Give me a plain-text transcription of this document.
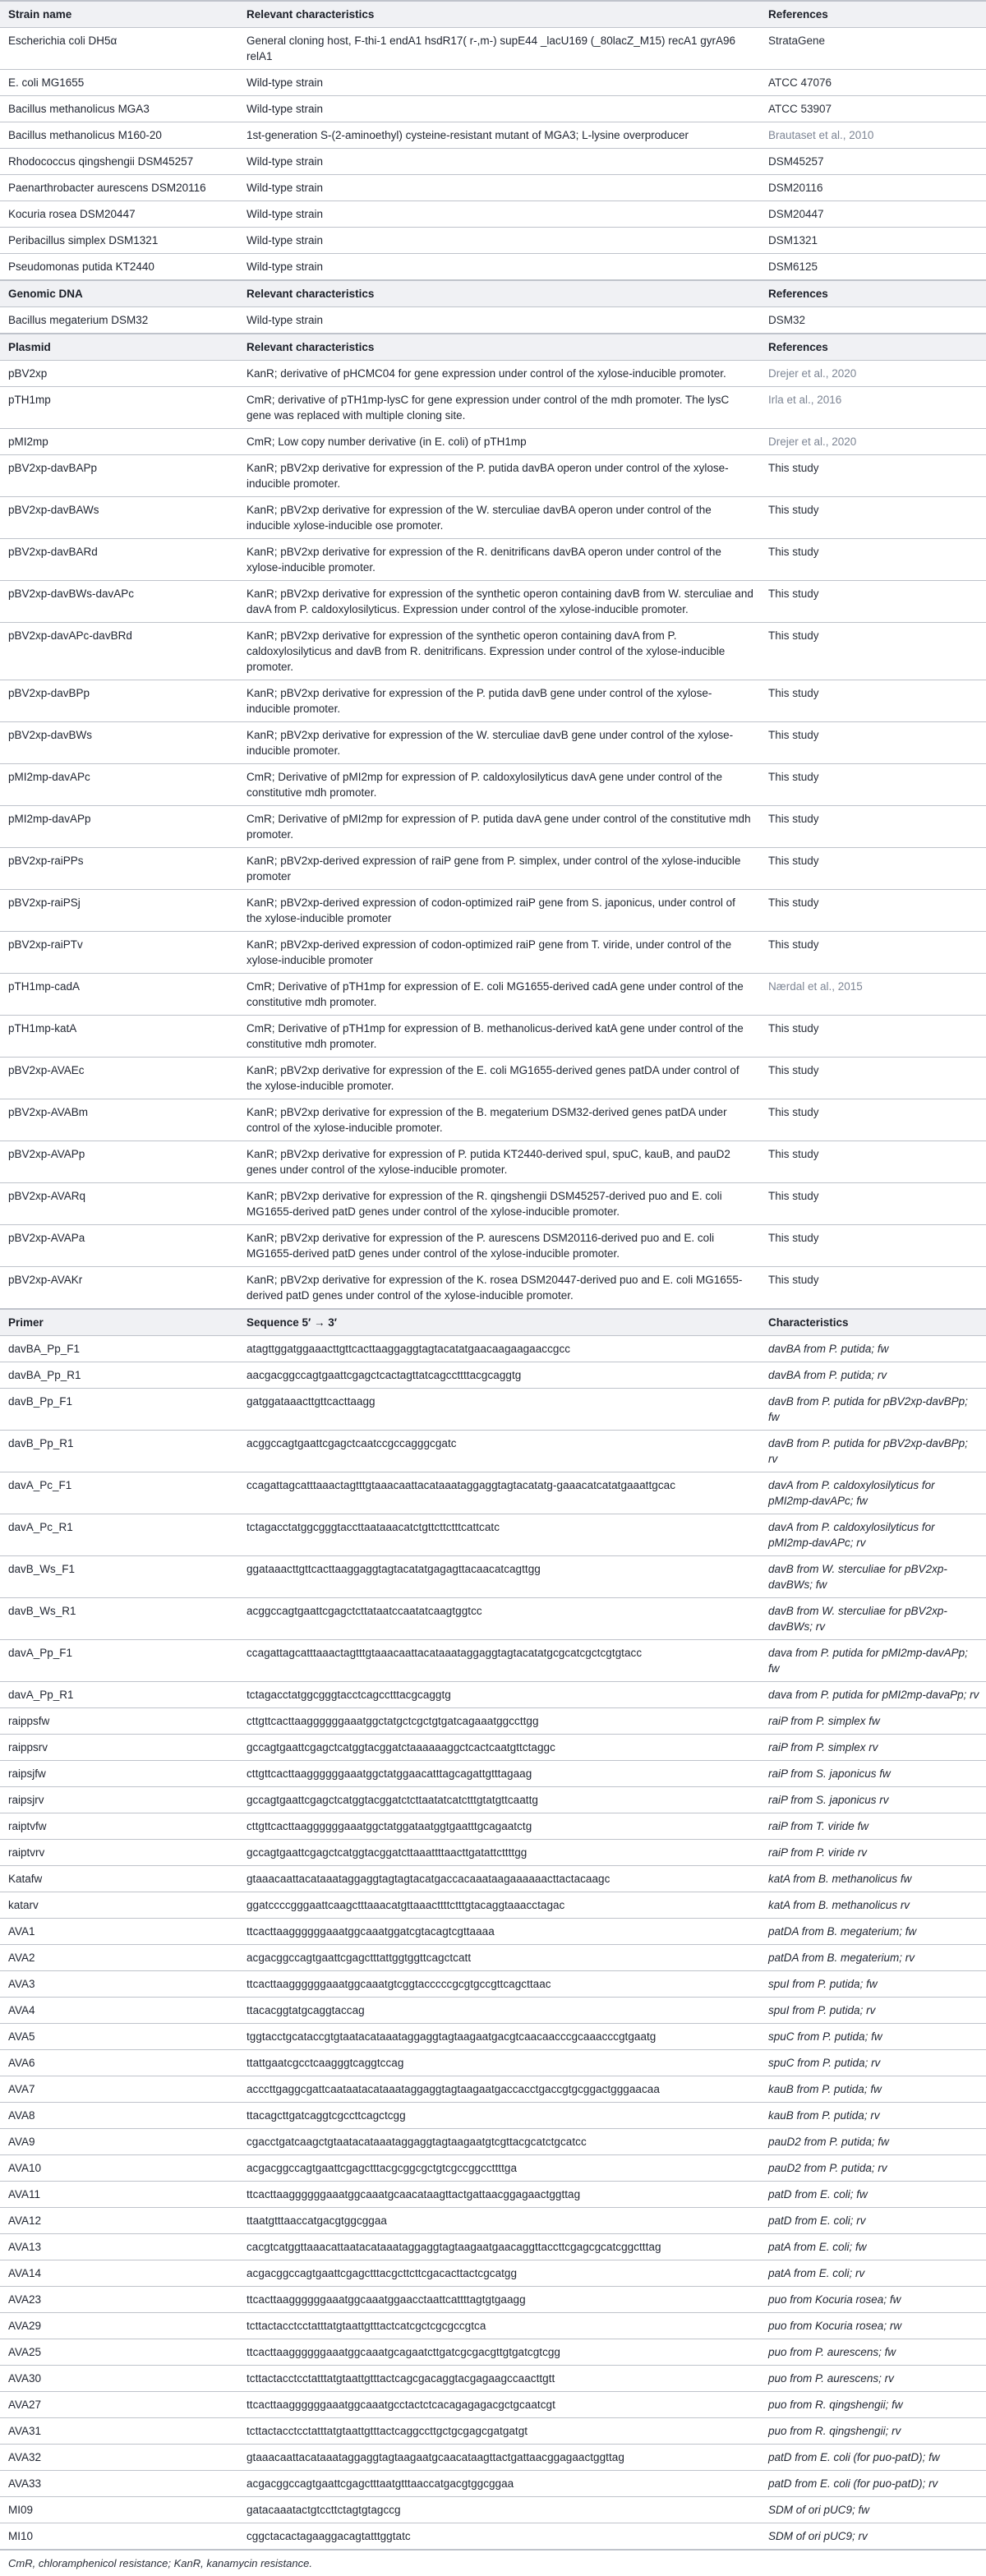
Strain name	Relevant characteristics	References
Escherichia coli DH5α	General cloning host, F-thi-1 endA1 hsdR17( r-,m-) supE44 _lacU169 (_80lacZ_M15) recA1 gyrA96 relA1	StrataGene
E. coli MG1655	Wild-type strain	ATCC 47076
Bacillus methanolicus MGA3	Wild-type strain	ATCC 53907
Bacillus methanolicus M160-20	1st-generation S-(2-aminoethyl) cysteine-resistant mutant of MGA3; L-lysine overproducer	Brautaset et al., 2010
Rhodococcus qingshengii DSM45257	Wild-type strain	DSM45257
Paenarthrobacter aurescens DSM20116	Wild-type strain	DSM20116
Kocuria rosea DSM20447	Wild-type strain	DSM20447
Peribacillus simplex DSM1321	Wild-type strain	DSM1321
Pseudomonas putida KT2440	Wild-type strain	DSM6125
Genomic DNA	Relevant characteristics	References
Bacillus megaterium DSM32	Wild-type strain	DSM32
Plasmid	Relevant characteristics	References
pBV2xp	KanR; derivative of pHCMC04 for gene expression under control of the xylose-inducible promoter.	Drejer et al., 2020
pTH1mp	CmR; derivative of pTH1mp-lysC for gene expression under control of the mdh promoter. The lysC gene was replaced with multiple cloning site.	Irla et al., 2016
pMI2mp	CmR; Low copy number derivative (in E. coli) of pTH1mp	Drejer et al., 2020
pBV2xp-davBAPp	KanR; pBV2xp derivative for expression of the P. putida davBA operon under control of the xylose-inducible promoter.	This study
pBV2xp-davBAWs	KanR; pBV2xp derivative for expression of the W. sterculiae davBA operon under control of the inducible xylose-inducible ose promoter.	This study
pBV2xp-davBARd	KanR; pBV2xp derivative for expression of the R. denitrificans davBA operon under control of the xylose-inducible promoter.	This study
pBV2xp-davBWs-davAPc	KanR; pBV2xp derivative for expression of the synthetic operon containing davB from W. sterculiae and davA from P. caldoxylosilyticus. Expression under control of the xylose-inducible promoter.	This study
pBV2xp-davAPc-davBRd	KanR; pBV2xp derivative for expression of the synthetic operon containing davA from P. caldoxylosilyticus and davB from R. denitrificans. Expression under control of the xylose-inducible promoter.	This study
pBV2xp-davBPp	KanR; pBV2xp derivative for expression of the P. putida davB gene under control of the xylose-inducible promoter.	This study
pBV2xp-davBWs	KanR; pBV2xp derivative for expression of the W. sterculiae davB gene under control of the xylose-inducible promoter.	This study
pMI2mp-davAPc	CmR; Derivative of pMI2mp for expression of P. caldoxylosilyticus davA gene under control of the constitutive mdh promoter.	This study
pMI2mp-davAPp	CmR; Derivative of pMI2mp for expression of P. putida davA gene under control of the constitutive mdh promoter.	This study
pBV2xp-raiPPs	KanR; pBV2xp-derived expression of raiP gene from P. simplex, under control of the xylose-inducible promoter	This study
pBV2xp-raiPSj	KanR; pBV2xp-derived expression of codon-optimized raiP gene from S. japonicus, under control of the xylose-inducible promoter	This study
pBV2xp-raiPTv	KanR; pBV2xp-derived expression of codon-optimized raiP gene from T. viride, under control of the xylose-inducible promoter	This study
pTH1mp-cadA	CmR; Derivative of pTH1mp for expression of E. coli MG1655-derived cadA gene under control of the constitutive mdh promoter.	Nærdal et al., 2015
pTH1mp-katA	CmR; Derivative of pTH1mp for expression of B. methanolicus-derived katA gene under control of the constitutive mdh promoter.	This study
pBV2xp-AVAEc	KanR; pBV2xp derivative for expression of the E. coli MG1655-derived genes patDA under control of the xylose-inducible promoter.	This study
pBV2xp-AVABm	KanR; pBV2xp derivative for expression of the B. megaterium DSM32-derived genes patDA under control of the xylose-inducible promoter.	This study
pBV2xp-AVAPp	KanR; pBV2xp derivative for expression of P. putida KT2440-derived spuI, spuC, kauB, and pauD2 genes under control of the xylose-inducible promoter.	This study
pBV2xp-AVARq	KanR; pBV2xp derivative for expression of the R. qingshengii DSM45257-derived puo and E. coli MG1655-derived patD genes under control of the xylose-inducible promoter.	This study
pBV2xp-AVAPa	KanR; pBV2xp derivative for expression of the P. aurescens DSM20116-derived puo and E. coli MG1655-derived patD genes under control of the xylose-inducible promoter.	This study
pBV2xp-AVAKr	KanR; pBV2xp derivative for expression of the K. rosea DSM20447-derived puo and E. coli MG1655-derived patD genes under control of the xylose-inducible promoter.	This study
Primer	Sequence 5′ → 3′	Characteristics
davBA_Pp_F1	atagttggatggaaacttgttcacttaaggaggtagtacatatgaacaagaagaaccgcc	davBA from P. putida; fw
davBA_Pp_R1	aacgacggccagtgaattcgagctcactagttatcagccttttacgcaggtg	davBA from P. putida; rv
davB_Pp_F1	gatggataaacttgttcacttaagg	davB from P. putida for pBV2xp-davBPp; fw
davB_Pp_R1	acggccagtgaattcgagctcaatccgccagggcgatc	davB from P. putida for pBV2xp-davBPp; rv
davA_Pc_F1	ccagattagcatttaaactagtttgtaaacaattacataaataggaggtagtacatatg-gaaacatcatatgaaattgcac	davA from P. caldoxylosilyticus for pMI2mp-davAPc; fw
davA_Pc_R1	tctagacctatggcgggtaccttaataaacatctgttcttctttcattcatc	davA from P. caldoxylosilyticus for pMI2mp-davAPc; rv
davB_Ws_F1	ggataaacttgttcacttaaggaggtagtacatatgagagttacaacatcagttgg	davB from W. sterculiae for pBV2xp-davBWs; fw
davB_Ws_R1	acggccagtgaattcgagctcttataatccaatatcaagtggtcc	davB from W. sterculiae for pBV2xp-davBWs; rv
davA_Pp_F1	ccagattagcatttaaactagtttgtaaacaattacataaataggaggtagtacatatgcgcatcgctcgtgtacc	dava from P. putida for pMI2mp-davAPp; fw
davA_Pp_R1	tctagacctatggcgggtacctcagcctttacgcaggtg	dava from P. putida for pMI2mp-davaPp; rv
raippsfw	cttgttcacttaaggggggaaatggctatgctcgctgtgatcagaaatggccttgg	raiP from P. simplex fw
raippsrv	gccagtgaattcgagctcatggtacggatctaaaaaaggctcactcaatgttctaggc	raiP from P. simplex rv
raipsjfw	cttgttcacttaaggggggaaatggctatggaacatttagcagattgtttagaag	raiP from S. japonicus fw
raipsjrv	gccagtgaattcgagctcatggtacggatctcttaatatcatctttgtatgttcaattg	raiP from S. japonicus rv
raiptvfw	cttgttcacttaaggggggaaatggctatggataatggtgaatttgcagaatctg	raiP from T. viride fw
raiptvrv	gccagtgaattcgagctcatggtacggatcttaaattttaacttgatattcttttgg	raiP from P. viride rv
Katafw	gtaaacaattacataaataggaggtagtagtacatgaccacaaataagaaaaaacttactacaagc	katA from B. methanolicus fw
katarv	ggatccccgggaattcaagctttaaacatgttaaacttttctttgtacaggtaaacctagac	katA from B. methanolicus rv
AVA1	ttcacttaaggggggaaatggcaaatggatcgtacagtcgttaaaa	patDA from B. megaterium; fw
AVA2	acgacggccagtgaattcgagctttattggtggttcagctcatt	patDA from B. megaterium; rv
AVA3	ttcacttaaggggggaaatggcaaatgtcggtacccccgcgtgccgttcagcttaac	spuI from P. putida; fw
AVA4	ttacacggtatgcaggtaccag	spuI from P. putida; rv
AVA5	tggtacctgcataccgtgtaatacataaataggaggtagtaagaatgacgtcaacaacccgcaaacccgtgaatg	spuC from P. putida; fw
AVA6	ttattgaatcgcctcaagggtcaggtccag	spuC from P. putida; rv
AVA7	acccttgaggcgattcaataatacataaataggaggtagtaagaatgaccacctgaccgtgcggactgggaacaa	kauB from P. putida; fw
AVA8	ttacagcttgatcaggtcgccttcagctcgg	kauB from P. putida; rv
AVA9	cgacctgatcaagctgtaatacataaataggaggtagtaagaatgtcgttacgcatctgcatcc	pauD2 from P. putida; fw
AVA10	acgacggccagtgaattcgagctttacgcggcgctgtcgccggccttttga	pauD2 from P. putida; rv
AVA11	ttcacttaaggggggaaatggcaaatgcaacataagttactgattaacggagaactggttag	patD from E. coli; fw
AVA12	ttaatgtttaaccatgacgtggcggaa	patD from E. coli; rv
AVA13	cacgtcatggttaaacattaatacataaataggaggtagtaagaatgaacaggttaccttcgagcgcatcggctttag	patA from E. coli; fw
AVA14	acgacggccagtgaattcgagctttacgcttcttcgacacttactcgcatgg	patA from E. coli; rv
AVA23	ttcacttaaggggggaaatggcaaatggaacctaattcattttagtgtgaagg	puo from Kocuria rosea; fw
AVA29	tcttactacctcctatttatgtaattgtttactcatcgctcgcgccgtca	puo from Kocuria rosea; rw
AVA25	ttcacttaaggggggaaatggcaaatgcagaatcttgatcgcgacgttgtgatcgtcgg	puo from P. aurescens; fw
AVA30	tcttactacctcctatttatgtaattgtttactcagcgacaggtacgagaagccaacttgtt	puo from P. aurescens; rv
AVA27	ttcacttaaggggggaaatggcaaatgcctactctcacagagagacgctgcaatcgt	puo from R. qingshengii; fw
AVA31	tcttactacctcctatttatgtaattgtttactcaggccttgctgcgagcgatgatgt	puo from R. qingshengii; rv
AVA32	gtaaacaattacataaataggaggtagtaagaatgcaacataagttactgattaacggagaactggttag	patD from E. coli (for puo-patD); fw
AVA33	acgacggccagtgaattcgagctttaatgtttaaccatgacgtggcggaa	patD from E. coli (for puo-patD); rv
MI09	gatacaaatactgtccttctagtgtagccg	SDM of ori pUC9; fw
MI10	cggctacactagaaggacagtatttggtatc	SDM of ori pUC9; rv
CmR, chloramphenicol resistance; KanR, kanamycin resistance.
